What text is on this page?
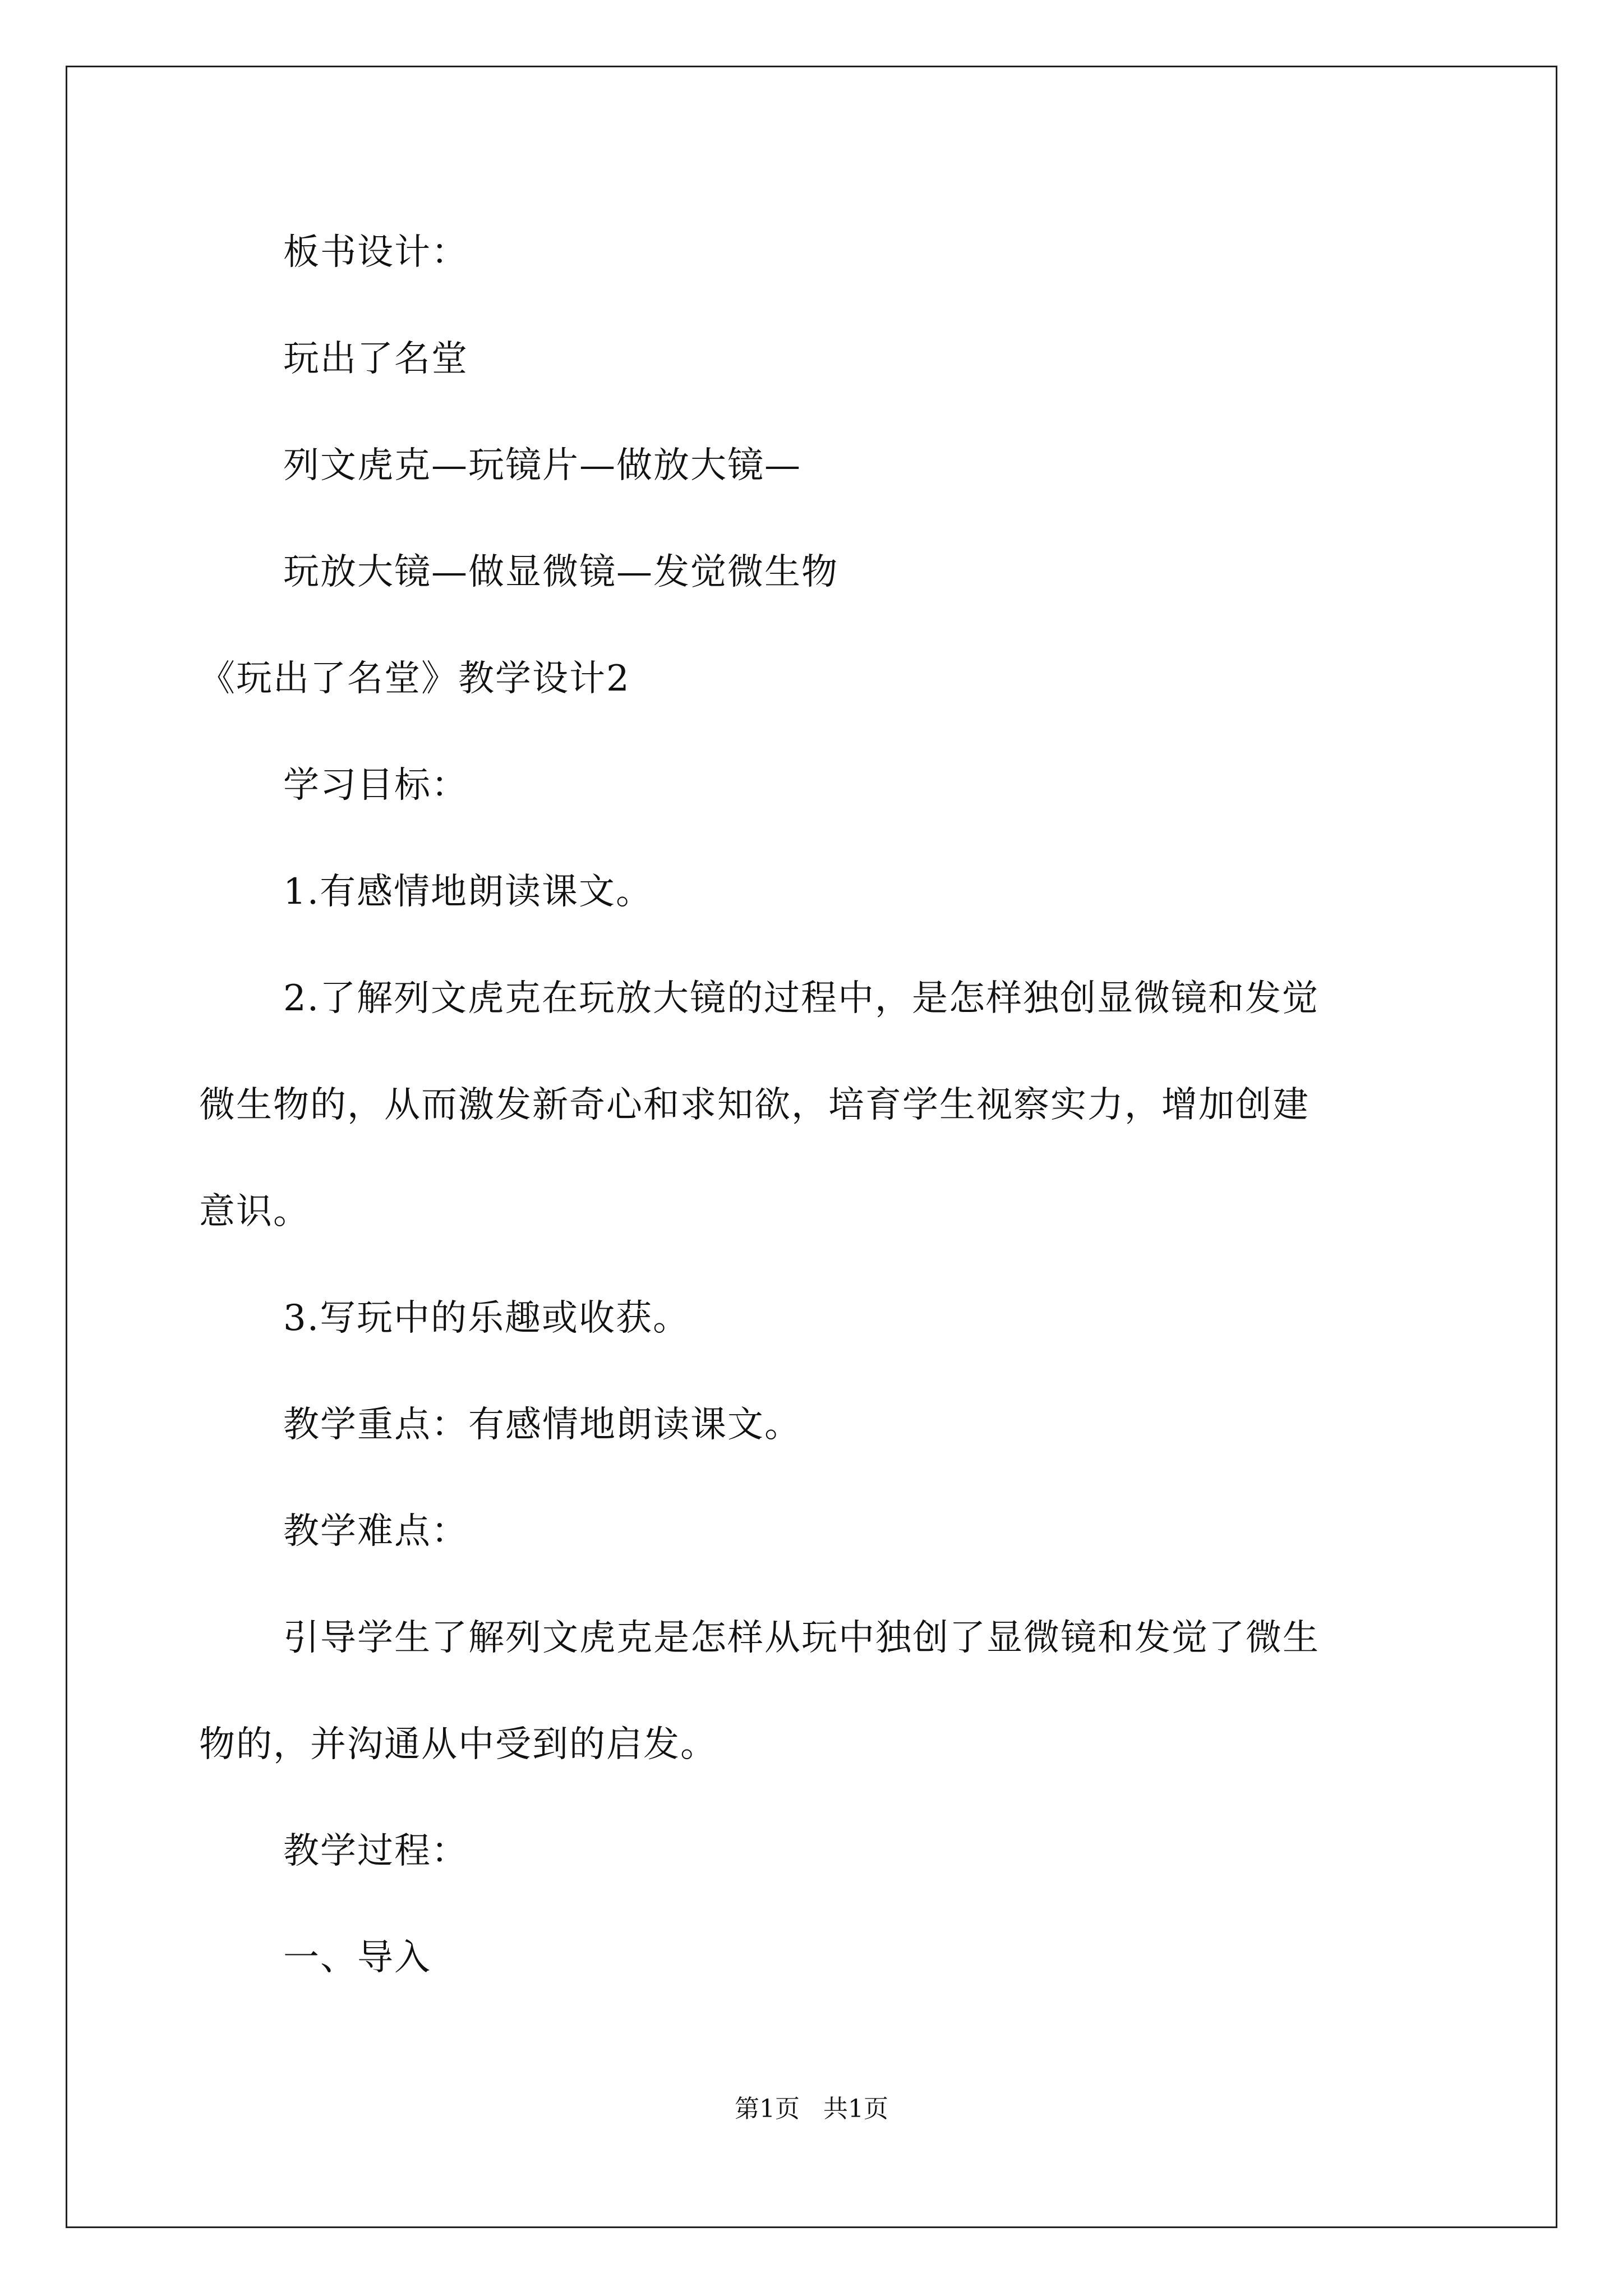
板书设计：
玩出了名堂
列文虎克—玩镜片—做放大镜—
玩放大镜—做显微镜—发觉微生物
《玩出了名堂》教学设计2
学习目标：
1.有感情地朗读课文。
2.了解列文虎克在玩放大镜的过程中，是怎样独创显微镜和发觉
微生物的，从而激发新奇心和求知欲，培育学生视察实力，增加创建
意识。
3.写玩中的乐趣或收获。
教学重点：有感情地朗读课文。
教学难点：
引导学生了解列文虎克是怎样从玩中独创了显微镜和发觉了微生
物的，并沟通从中受到的启发。
教学过程：
一、导入
第1页   共1页
